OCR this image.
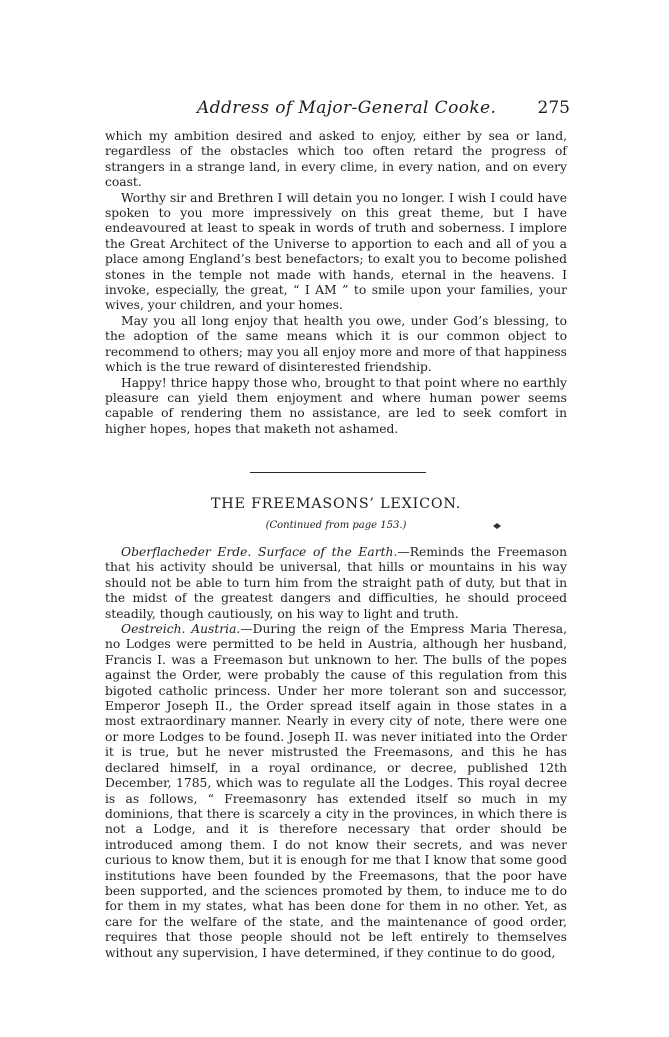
Address of Major-General Cooke. 275

which my ambition desired and asked to enjoy, either by sea or land, regardless of the obstacles which too often retard the progress of strangers in a strange land, in every clime, in every nation, and on every coast.

Worthy sir and Brethren I will detain you no longer. I wish I could have spoken to you more impressively on this great theme, but I have endeavoured at least to speak in words of truth and soberness. I implore the Great Architect of the Universe to apportion to each and all of you a place among England’s best benefactors; to exalt you to become polished stones in the temple not made with hands, eternal in the heavens. I invoke, especially, the great, “ I AM ” to smile upon your families, your wives, your children, and your homes.

May you all long enjoy that health you owe, under God’s blessing, to the adoption of the same means which it is our common object to recommend to others; may you all enjoy more and more of that happiness which is the true reward of disinterested friendship.

Happy! thrice happy those who, brought to that point where no earthly pleasure can yield them enjoyment and where human power seems capable of rendering them no assistance, are led to seek comfort in higher hopes, hopes that maketh not ashamed.

THE FREEMASONS’ LEXICON.
(Continued from page 153.)

Oberflacheder Erde. Surface of the Earth.—Reminds the Freemason that his activity should be universal, that hills or mountains in his way should not be able to turn him from the straight path of duty, but that in the midst of the greatest dangers and difficulties, he should proceed steadily, though cautiously, on his way to light and truth.

Oestreich. Austria.—During the reign of the Empress Maria Theresa, no Lodges were permitted to be held in Austria, although her husband, Francis I. was a Freemason but unknown to her. The bulls of the popes against the Order, were probably the cause of this regulation from this bigoted catholic princess. Under her more tolerant son and successor, Emperor Joseph II., the Order spread itself again in those states in a most extraordinary manner. Nearly in every city of note, there were one or more Lodges to be found. Joseph II. was never initiated into the Order it is true, but he never mistrusted the Freemasons, and this he has declared himself, in a royal ordinance, or decree, published 12th December, 1785, which was to regulate all the Lodges. This royal decree is as follows, “ Freemasonry has extended itself so much in my dominions, that there is scarcely a city in the provinces, in which there is not a Lodge, and it is therefore necessary that order should be introduced among them. I do not know their secrets, and was never curious to know them, but it is enough for me that I know that some good institutions have been founded by the Freemasons, that the poor have been supported, and the sciences promoted by them, to induce me to do for them in my states, what has been done for them in no other. Yet, as care for the welfare of the state, and the maintenance of good order, requires that those people should not be left entirely to themselves without any supervision, I have determined, if they continue to do good,
